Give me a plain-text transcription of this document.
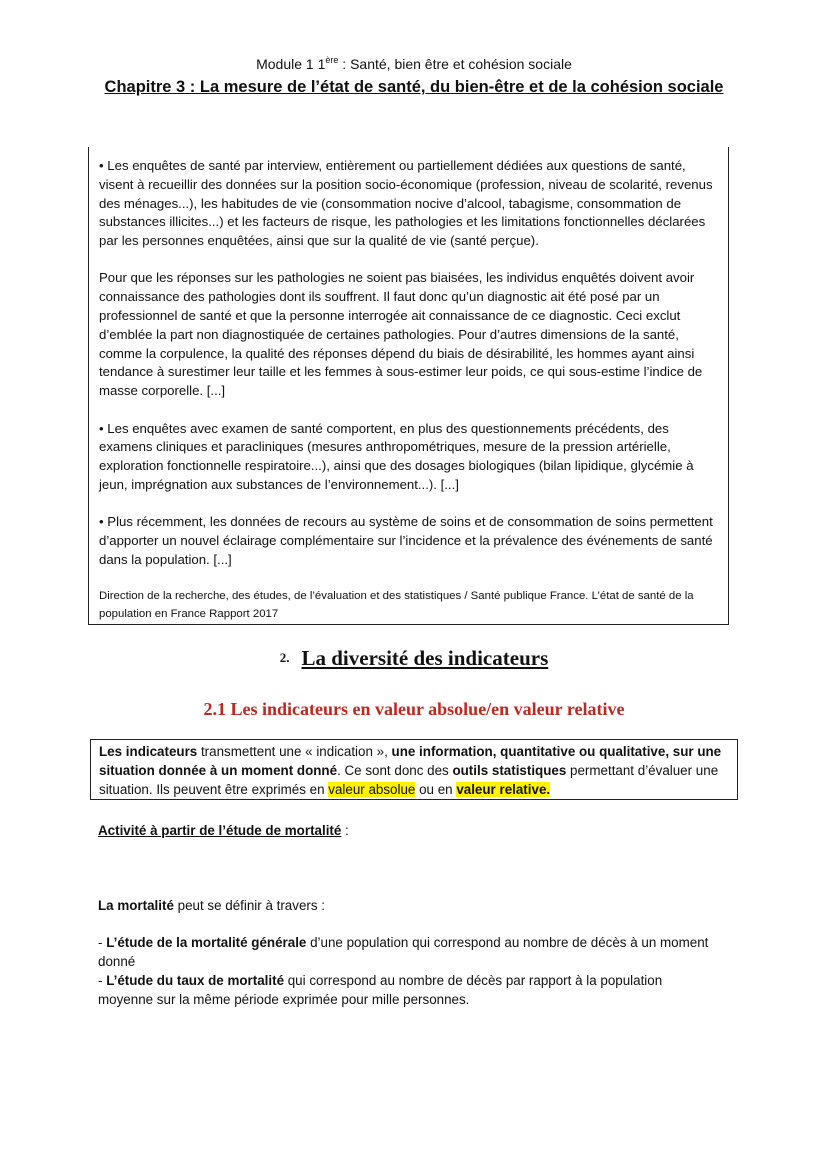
Module 1 1ère : Santé, bien être et cohésion sociale
Chapitre 3 : La mesure de l’état de santé, du bien-être et de la cohésion sociale

• Les enquêtes de santé par interview, entièrement ou partiellement dédiées aux questions de santé, visent à recueillir des données sur la position socio-économique (profession, niveau de scolarité, revenus des ménages...), les habitudes de vie (consommation nocive d’alcool, tabagisme, consommation de substances illicites...) et les facteurs de risque, les pathologies et les limitations fonctionnelles déclarées par les personnes enquêtées, ainsi que sur la qualité de vie (santé perçue).

Pour que les réponses sur les pathologies ne soient pas biaisées, les individus enquêtés doivent avoir connaissance des pathologies dont ils souffrent. Il faut donc qu’un diagnostic ait été posé par un professionnel de santé et que la personne interrogée ait connaissance de ce diagnostic. Ceci exclut d’emblée la part non diagnostiquée de certaines pathologies. Pour d’autres dimensions de la santé, comme la corpulence, la qualité des réponses dépend du biais de désirabilité, les hommes ayant ainsi tendance à surestimer leur taille et les femmes à sous-estimer leur poids, ce qui sous-estime l’indice de masse corporelle. [...]

• Les enquêtes avec examen de santé comportent, en plus des questionnements précédents, des examens cliniques et paracliniques (mesures anthropométriques, mesure de la pression artérielle, exploration fonctionnelle respiratoire...), ainsi que des dosages biologiques (bilan lipidique, glycémie à jeun, imprégnation aux substances de l’environnement...). [...]

• Plus récemment, les données de recours au système de soins et de consommation de soins permettent d’apporter un nouvel éclairage complémentaire sur l’incidence et la prévalence des événements de santé dans la population. [...]

Direction de la recherche, des études, de l’évaluation et des statistiques / Santé publique France. L’état de santé de la population en France Rapport 2017

2. La diversité des indicateurs
2.1 Les indicateurs en valeur absolue/en valeur relative
Les indicateurs transmettent une « indication », une information, quantitative ou qualitative, sur une situation donnée à un moment donné. Ce sont donc des outils statistiques permettant d’évaluer une situation. Ils peuvent être exprimés en valeur absolue ou en valeur relative.
Activité à partir de l’étude de mortalité :
La mortalité peut se définir à travers :
- L’étude de la mortalité générale d’une population qui correspond au nombre de décès à un moment donné
- L’étude du taux de mortalité qui correspond au nombre de décès par rapport à la population moyenne sur la même période exprimée pour mille personnes.
